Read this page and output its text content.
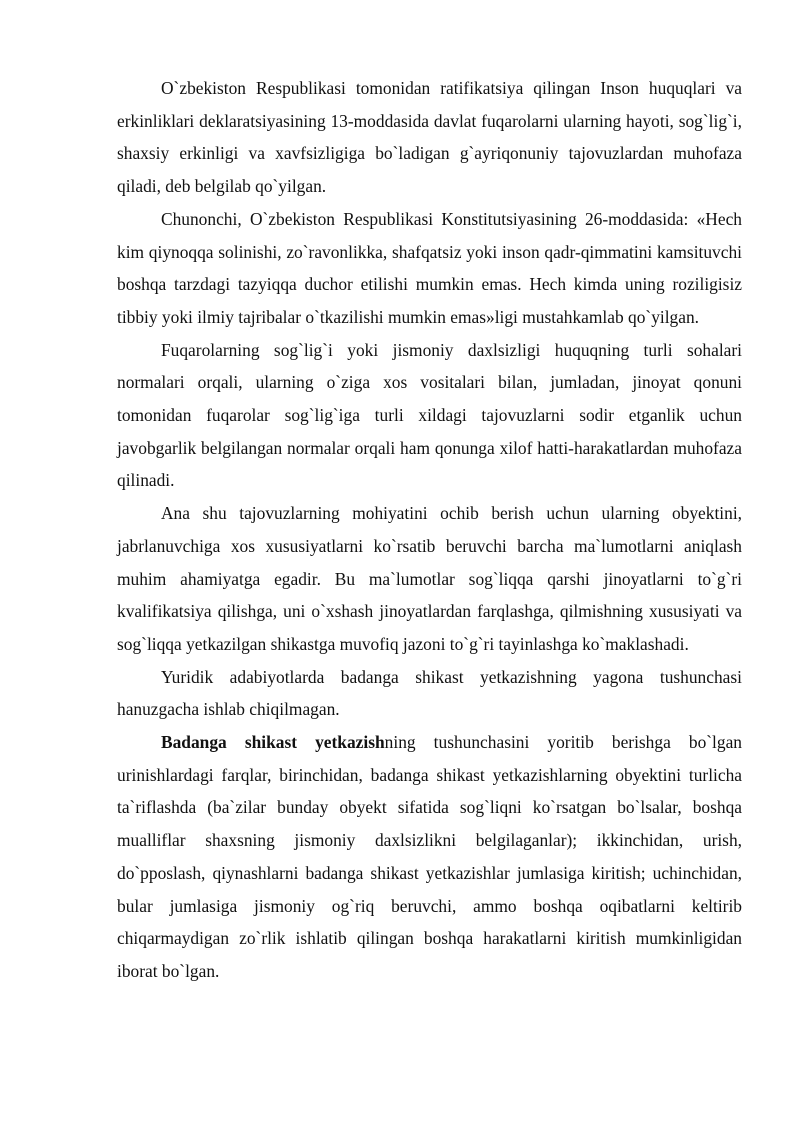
O`zbekiston Respublikasi tomonidan ratifikatsiya qilingan Inson huquqlari va erkinliklari deklaratsiyasining 13-moddasida davlat fuqarolarni ularning hayoti, sog`lig`i, shaxsiy erkinligi va xavfsizligiga bo`ladigan g`ayriqonuniy tajovuzlardan muhofaza qiladi, deb belgilab qo`yilgan.

Chunonchi, O`zbekiston Respublikasi Konstitutsiyasining 26-moddasida: «Hech kim qiynoqqa solinishi, zo`ravonlikka, shafqatsiz yoki inson qadr-qimmatini kamsituvchi boshqa tarzdagi tazyiqqa duchor etilishi mumkin emas. Hech kimda uning roziligisiz tibbiy yoki ilmiy tajribalar o`tkazilishi mumkin emas»ligi mustahkamlab qo`yilgan.

Fuqarolarning sog`lig`i yoki jismoniy daxlsizligi huquqning turli sohalari normalari orqali, ularning o`ziga xos vositalari bilan, jumladan, jinoyat qonuni tomonidan fuqarolar sog`lig`iga turli xildagi tajovuzlarni sodir etganlik uchun javobgarlik belgilangan normalar orqali ham qonunga xilof hatti-harakatlardan muhofaza qilinadi.

Ana shu tajovuzlarning mohiyatini ochib berish uchun ularning obyektini, jabrlanuvchiga xos xususiyatlarni ko`rsatib beruvchi barcha ma`lumotlarni aniqlash muhim ahamiyatga egadir. Bu ma`lumotlar sog`liqqa qarshi jinoyatlarni to`g`ri kvalifikatsiya qilishga, uni o`xshash jinoyatlardan farqlashga, qilmishning xususiyati va sog`liqqa yetkazilgan shikastga muvofiq jazoni to`g`ri tayinlashga ko`maklashadi.

Yuridik adabiyotlarda badanga shikast yetkazishning yagona tushunchasi hanuzgacha ishlab chiqilmagan.

Badanga shikast yetkazishning tushunchasini yoritib berishga bo`lgan urinishlardagi farqlar, birinchidan, badanga shikast yetkazishlarning obyektini turlicha ta`riflashda (ba`zilar bunday obyekt sifatida sog`liqni ko`rsatgan bo`lsalar, boshqa mualliflar shaxsning jismoniy daxlsizlikni belgilaganlar); ikkinchidan, urish, do`pposlash, qiynashlarni badanga shikast yetkazishlar jumlasiga kiritish; uchinchidan, bular jumlasiga jismoniy og`riq beruvchi, ammo boshqa oqibatlarni keltirib chiqarmaydigan zo`rlik ishlatib qilingan boshqa harakatlarni kiritish mumkinligidan iborat bo`lgan.
